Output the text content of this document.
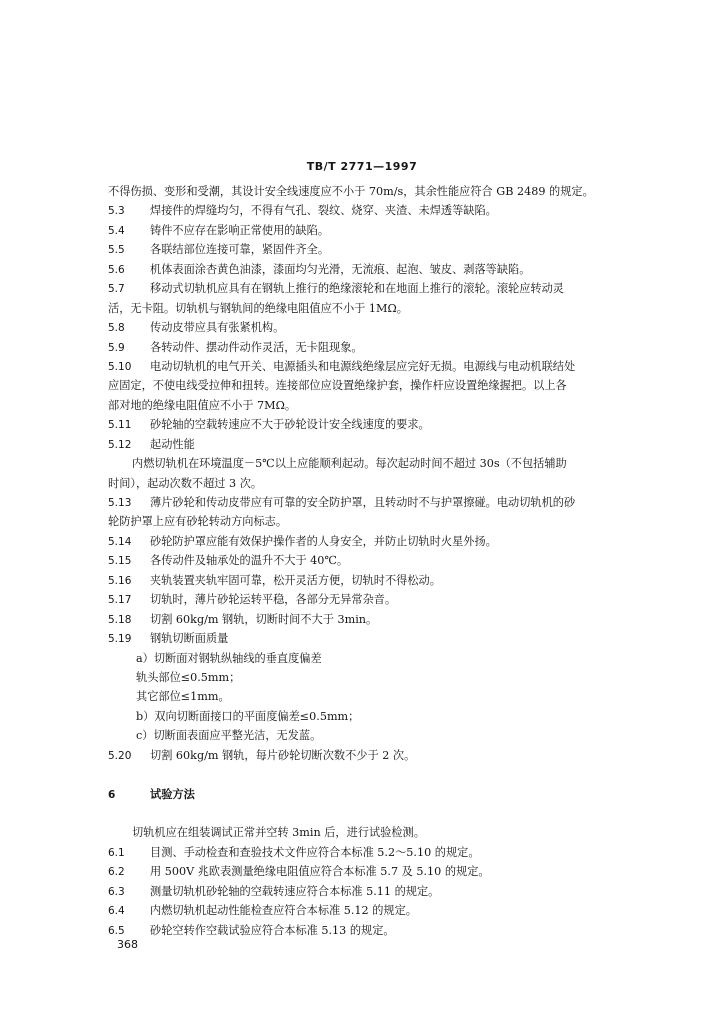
TB/T 2771—1997
不得伤损、变形和受潮，其设计安全线速度应不小于 70m/s，其余性能应符合 GB 2489 的规定。
5.3 焊接件的焊缝均匀，不得有气孔、裂纹、烧穿、夹渣、未焊透等缺陷。
5.4 铸件不应存在影响正常使用的缺陷。
5.5 各联结部位连接可靠，紧固件齐全。
5.6 机体表面涂杏黄色油漆，漆面均匀光滑，无流痕、起泡、皱皮、剥落等缺陷。
5.7 移动式切轨机应具有在钢轨上推行的绝缘滚轮和在地面上推行的滚轮。滚轮应转动灵
活，无卡阻。切轨机与钢轨间的绝缘电阻值应不小于 1MΩ。
5.8 传动皮带应具有张紧机构。
5.9 各转动件、摆动件动作灵活，无卡阻现象。
5.10 电动切轨机的电气开关、电源插头和电源线绝缘层应完好无损。电源线与电动机联结处
应固定，不使电线受拉伸和扭转。连接部位应设置绝缘护套，操作杆应设置绝缘握把。以上各
部对地的绝缘电阻值应不小于 7MΩ。
5.11 砂轮轴的空载转速应不大于砂轮设计安全线速度的要求。
5.12 起动性能
内燃切轨机在环境温度－5℃以上应能顺利起动。每次起动时间不超过 30s（不包括辅助
时间），起动次数不超过 3 次。
5.13 薄片砂轮和传动皮带应有可靠的安全防护罩，且转动时不与护罩擦碰。电动切轨机的砂
轮防护罩上应有砂轮转动方向标志。
5.14 砂轮防护罩应能有效保护操作者的人身安全，并防止切轨时火星外扬。
5.15 各传动件及轴承处的温升不大于 40℃。
5.16 夹轨装置夹轨牢固可靠，松开灵活方便，切轨时不得松动。
5.17 切轨时，薄片砂轮运转平稳，各部分无异常杂音。
5.18 切割 60kg/m 钢轨，切断时间不大于 3min。
5.19 钢轨切断面质量
a）切断面对钢轨纵轴线的垂直度偏差
轨头部位≤0.5mm；
其它部位≤1mm。
b）双向切断面接口的平面度偏差≤0.5mm；
c）切断面表面应平整光洁，无发蓝。
5.20 切割 60kg/m 钢轨，每片砂轮切断次数不少于 2 次。
6	试验方法
切轨机应在组装调试正常并空转 3min 后，进行试验检测。
6.1 目测、手动检查和查验技术文件应符合本标准 5.2～5.10 的规定。
6.2 用 500V 兆欧表测量绝缘电阻值应符合本标准 5.7 及 5.10 的规定。
6.3 测量切轨机砂轮轴的空载转速应符合本标准 5.11 的规定。
6.4 内燃切轨机起动性能检查应符合本标准 5.12 的规定。
6.5 砂轮空转作空载试验应符合本标准 5.13 的规定。
368
